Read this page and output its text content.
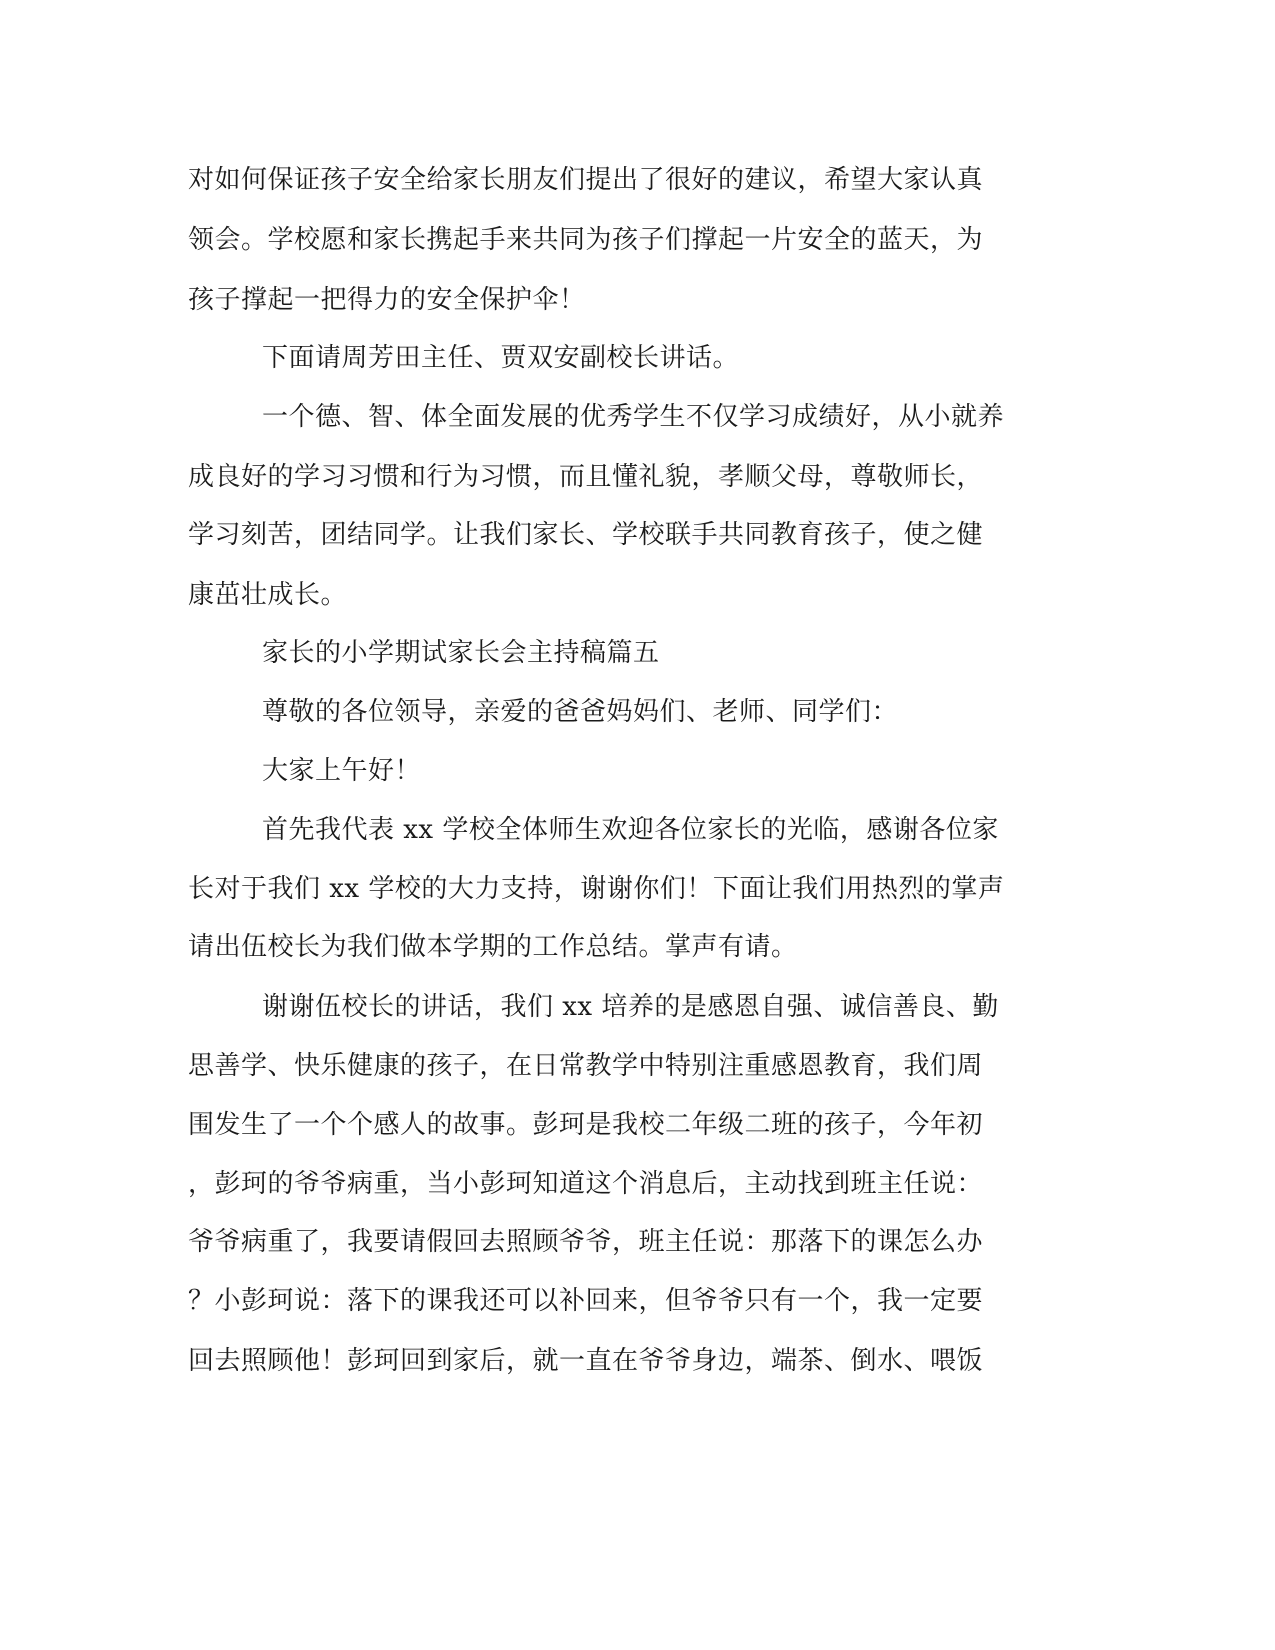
对如何保证孩子安全给家长朋友们提出了很好的建议，希望大家认真

领会。学校愿和家长携起手来共同为孩子们撑起一片安全的蓝天，为

孩子撑起一把得力的安全保护伞！

下面请周芳田主任、贾双安副校长讲话。

一个德、智、体全面发展的优秀学生不仅学习成绩好，从小就养

成良好的学习习惯和行为习惯，而且懂礼貌，孝顺父母，尊敬师长，

学习刻苦，团结同学。让我们家长、学校联手共同教育孩子，使之健

康茁壮成长。

家长的小学期试家长会主持稿篇五

尊敬的各位领导，亲爱的爸爸妈妈们、老师、同学们：

大家上午好！

首先我代表 xx 学校全体师生欢迎各位家长的光临，感谢各位家

长对于我们 xx 学校的大力支持，谢谢你们！下面让我们用热烈的掌声

请出伍校长为我们做本学期的工作总结。掌声有请。

谢谢伍校长的讲话，我们 xx 培养的是感恩自强、诚信善良、勤

思善学、快乐健康的孩子，在日常教学中特别注重感恩教育，我们周

围发生了一个个感人的故事。彭珂是我校二年级二班的孩子，今年初

，彭珂的爷爷病重，当小彭珂知道这个消息后，主动找到班主任说：

爷爷病重了，我要请假回去照顾爷爷，班主任说：那落下的课怎么办

？小彭珂说：落下的课我还可以补回来，但爷爷只有一个，我一定要

回去照顾他！彭珂回到家后，就一直在爷爷身边，端茶、倒水、喂饭
